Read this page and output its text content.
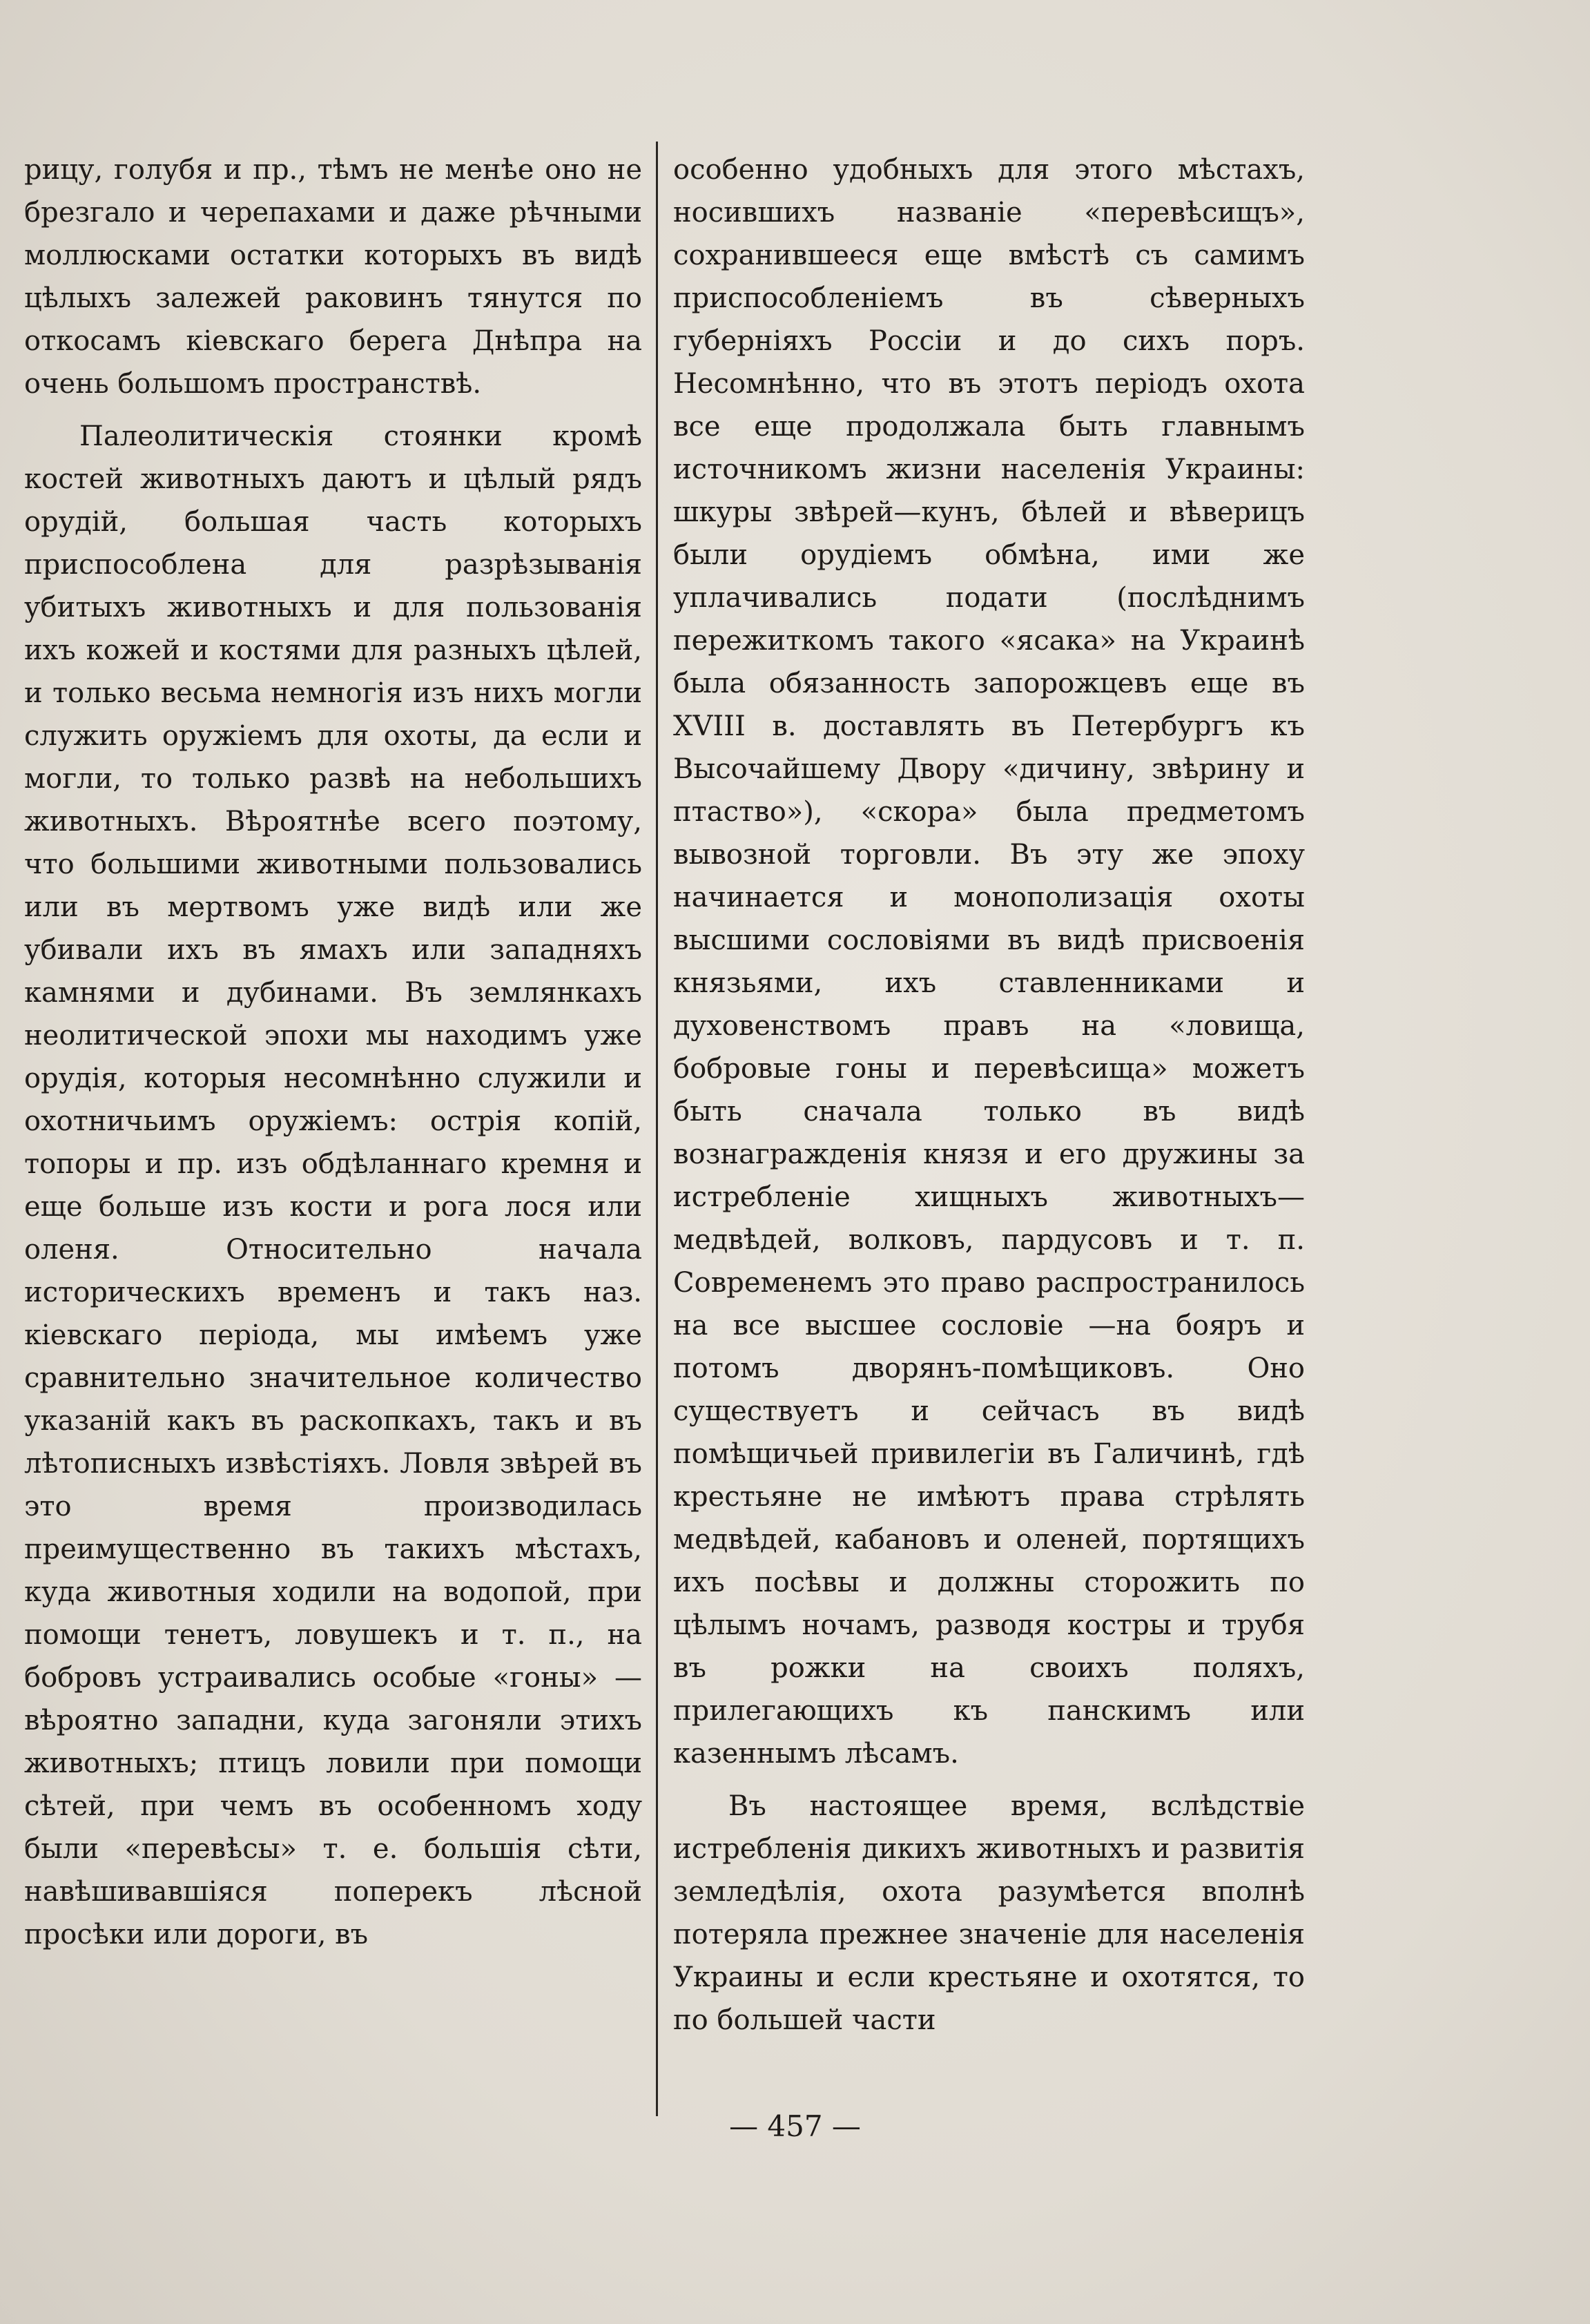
рицу, голубя и пр., тѣмъ не менѣе оно не брезгало и черепахами и даже рѣчными моллюсками остатки которыхъ въ видѣ цѣлыхъ залежей раковинъ тянутся по откосамъ кіевскаго берега Днѣпра на очень большомъ пространствѣ.

Палеолитическія стоянки кромѣ костей животныхъ даютъ и цѣлый рядъ орудій, большая часть которыхъ приспособлена для разрѣзыванія убитыхъ животныхъ и для пользованія ихъ кожей и костями для разныхъ цѣлей, и только весьма немногія изъ нихъ могли служить оружіемъ для охоты, да если и могли, то только развѣ на небольшихъ животныхъ. Вѣроятнѣе всего поэтому, что большими животными пользовались или въ мертвомъ уже видѣ или же убивали ихъ въ ямахъ или западняхъ камнями и дубинами. Въ землянкахъ неолитической эпохи мы находимъ уже орудія, которыя несомнѣнно служили и охотничьимъ оружіемъ: острія копій, топоры и пр. изъ обдѣланнаго кремня и еще больше изъ кости и рога лося или оленя. Относительно начала историческихъ временъ и такъ наз. кіевскаго періода, мы имѣемъ уже сравнительно значительное количество указаній какъ въ раскопкахъ, такъ и въ лѣтописныхъ извѣстіяхъ. Ловля звѣрей въ это время производилась преимущественно въ такихъ мѣстахъ, куда животныя ходили на водопой, при помощи тенетъ, ловушекъ и т. п., на бобровъ устраивались особые «гоны» — вѣроятно западни, куда загоняли этихъ животныхъ; птицъ ловили при помощи сѣтей, при чемъ въ особенномъ ходу были «перевѣсы» т. е. большія сѣти, навѣшивавшіяся поперекъ лѣсной просѣки или дороги, въ

особенно удобныхъ для этого мѣстахъ, носившихъ названіе «перевѣсищъ», сохранившееся еще вмѣстѣ съ самимъ приспособленіемъ въ сѣверныхъ губерніяхъ Россіи и до сихъ поръ. Несомнѣнно, что въ этотъ періодъ охота все еще продолжала быть главнымъ источникомъ жизни населенія Украины: шкуры звѣрей—кунъ, бѣлей и вѣверицъ были орудіемъ обмѣна, ими же уплачивались подати (послѣднимъ пережиткомъ такого «ясака» на Украинѣ была обязанность запорожцевъ еще въ XVIII в. доставлять въ Петербургъ къ Высочайшему Двору «дичину, звѣрину и птаство»), «скора» была предметомъ вывозной торговли. Въ эту же эпоху начинается и монополизація охоты высшими сословіями въ видѣ присвоенія князьями, ихъ ставленниками и духовенствомъ правъ на «ловища, бобровые гоны и перевѣсища» можетъ быть сначала только въ видѣ вознагражденія князя и его дружины за истребленіе хищныхъ животныхъ— медвѣдей, волковъ, пардусовъ и т. п. Современемъ это право распространилось на все высшее сословіе —на бояръ и потомъ дворянъ-помѣщиковъ. Оно существуетъ и сейчасъ въ видѣ помѣщичьей привилегіи въ Галичинѣ, гдѣ крестьяне не имѣютъ права стрѣлять медвѣдей, кабановъ и оленей, портящихъ ихъ посѣвы и должны сторожить по цѣлымъ ночамъ, разводя костры и трубя въ рожки на своихъ поляхъ, прилегающихъ къ панскимъ или казеннымъ лѣсамъ.

Въ настоящее время, вслѣдствіе истребленія дикихъ животныхъ и развитія земледѣлія, охота разумѣется вполнѣ потеряла прежнее значеніе для населенія Украины и если крестьяне и охотятся, то по большей части

— 457 —
